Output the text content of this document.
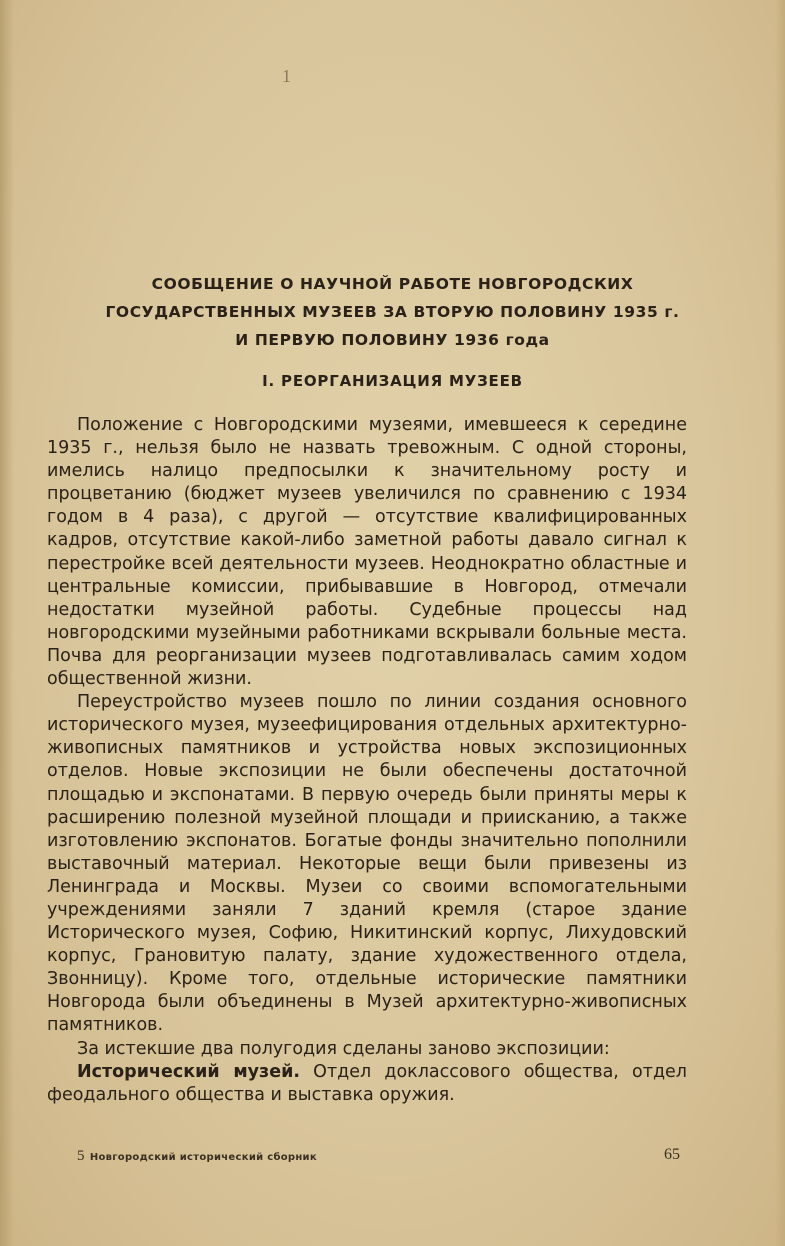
1
СООБЩЕНИЕ О НАУЧНОЙ РАБОТЕ НОВГОРОДСКИХ
ГОСУДАРСТВЕННЫХ МУЗЕЕВ ЗА ВТОРУЮ ПОЛОВИНУ 1935 г.
И ПЕРВУЮ ПОЛОВИНУ 1936 года
I. РЕОРГАНИЗАЦИЯ МУЗЕЕВ

Положение с Новгородскими музеями, имевшееся к середине 1935 г., нельзя было не назвать тревожным. С одной стороны, имелись налицо предпосылки к значительному росту и процветанию (бюджет музеев увеличился по сравнению с 1934 годом в 4 раза), с другой — отсутствие квалифицированных кадров, отсутствие какой-либо заметной работы давало сигнал к перестройке всей деятельности музеев. Неоднократно областные и центральные комиссии, прибывавшие в Новгород, отмечали недостатки музейной работы. Судебные процессы над новгородскими музейными работниками вскрывали больные места. Почва для реорганизации музеев подготавливалась самим ходом общественной жизни.

Переустройство музеев пошло по линии создания основного исторического музея, музеефицирования отдельных архитектурно-живописных памятников и устройства новых экспозиционных отделов. Новые экспозиции не были обеспечены достаточной площадью и экспонатами. В первую очередь были приняты меры к расширению полезной музейной площади и прииcканию, а также изготовлению экспонатов. Богатые фонды значительно пополнили выставочный материал. Некоторые вещи были привезены из Ленинграда и Москвы. Музеи со своими вспомогательными учреждениями заняли 7 зданий кремля (старое здание Исторического музея, Софию, Никитинский корпус, Лихудовский корпус, Грановитую палату, здание художественного отдела, Звонницу). Кроме того, отдельные исторические памятники Новгорода были объединены в Музей архитектурно-живописных памятников.

За истекшие два полугодия сделаны заново экспозиции:

Исторический музей. Отдел доклассового общества, отдел феодального общества и выставка оружия.

5 Новгородский исторический сборник	65
